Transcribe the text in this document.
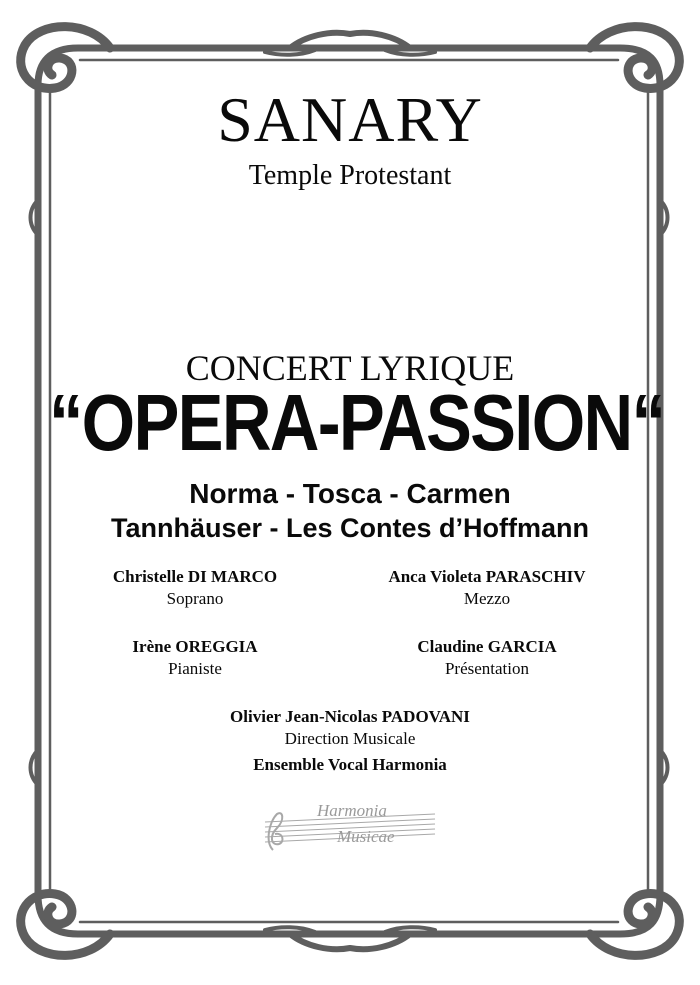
SANARY
Temple Protestant
CONCERT LYRIQUE
“OPERA-PASSION“
Norma - Tosca - Carmen
Tannhäuser - Les Contes d’Hoffmann
Christelle DI MARCO
Soprano
Anca Violeta PARASCHIV
Mezzo
Irène OREGGIA
Pianiste
Claudine GARCIA
Présentation
Olivier Jean-Nicolas PADOVANI
Direction Musicale
Ensemble Vocal Harmonia
Harmonia
Musicae
